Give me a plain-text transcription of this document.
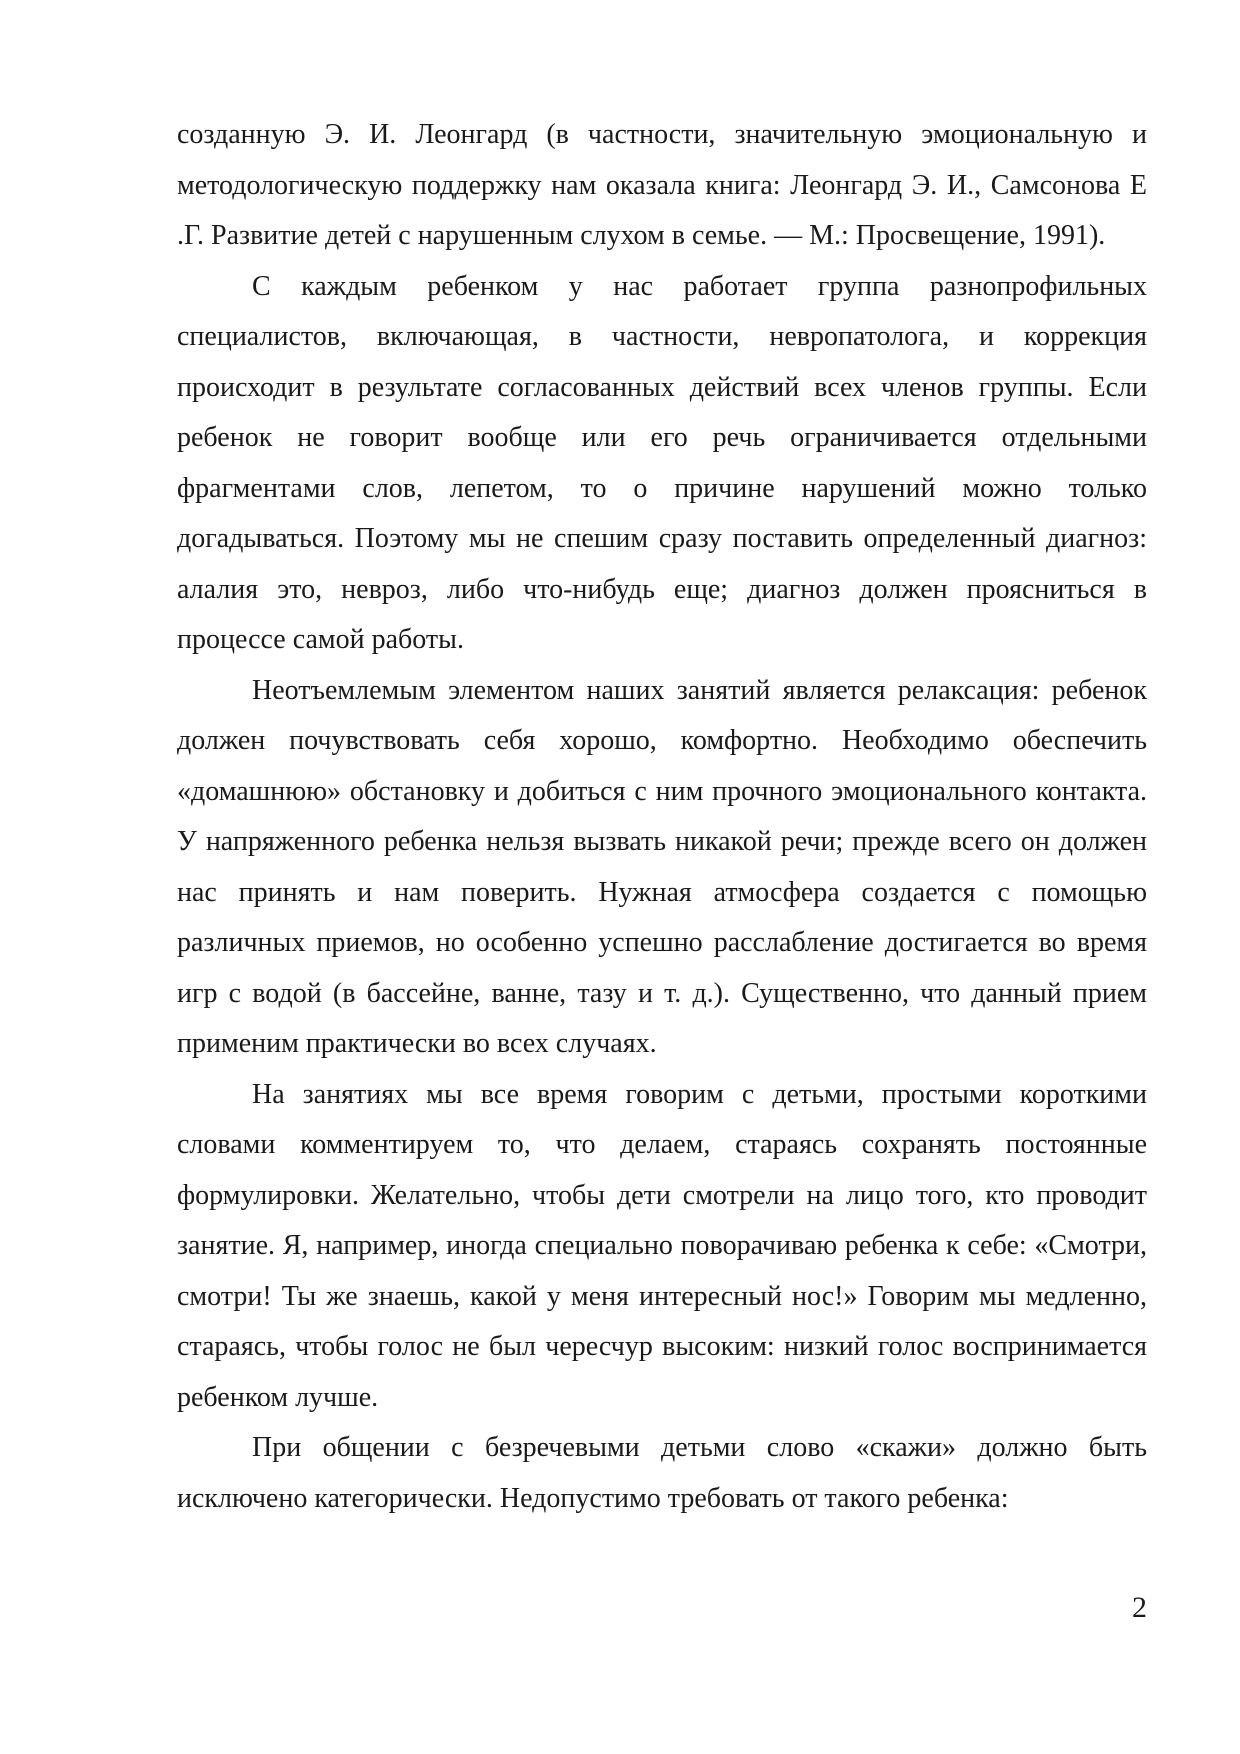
созданную Э. И. Леонгард (в частности, значительную эмоциональную и методологическую поддержку нам оказала книга: Леонгард Э. И., Самсонова Е .Г. Развитие детей с нарушенным слухом в семье. — М.: Просвещение, 1991).

С каждым ребенком у нас работает группа разнопрофильных специалистов, включающая, в частности, невропатолога, и коррекция происходит в результате согласованных действий всех членов группы. Если ребенок не говорит вообще или его речь ограничивается отдельными фрагментами слов, лепетом, то о причине нарушений можно только догадываться. Поэтому мы не спешим сразу поставить определенный диагноз: алалия это, невроз, либо что-нибудь еще; диагноз должен проясниться в процессе самой работы.

Неотъемлемым элементом наших занятий является релаксация: ребенок должен почувствовать себя хорошо, комфортно. Необходимо обеспечить «домашнюю» обстановку и добиться с ним прочного эмоционального контакта. У напряженного ребенка нельзя вызвать никакой речи; прежде всего он должен нас принять и нам поверить. Нужная атмосфера создается с помощью различных приемов, но особенно успешно расслабление достигается во время игр с водой (в бассейне, ванне, тазу и т. д.). Существенно, что данный прием применим практически во всех случаях.

На занятиях мы все время говорим с детьми, простыми короткими словами комментируем то, что делаем, стараясь сохранять постоянные формулировки. Желательно, чтобы дети смотрели на лицо того, кто проводит занятие. Я, например, иногда специально поворачиваю ребенка к себе: «Смотри, смотри! Ты же знаешь, какой у меня интересный нос!» Говорим мы медленно, стараясь, чтобы голос не был чересчур высоким: низкий голос воспринимается ребенком лучше.

При общении с безречевыми детьми слово «скажи» должно быть исключено категорически. Недопустимо требовать от такого ребенка:

2
